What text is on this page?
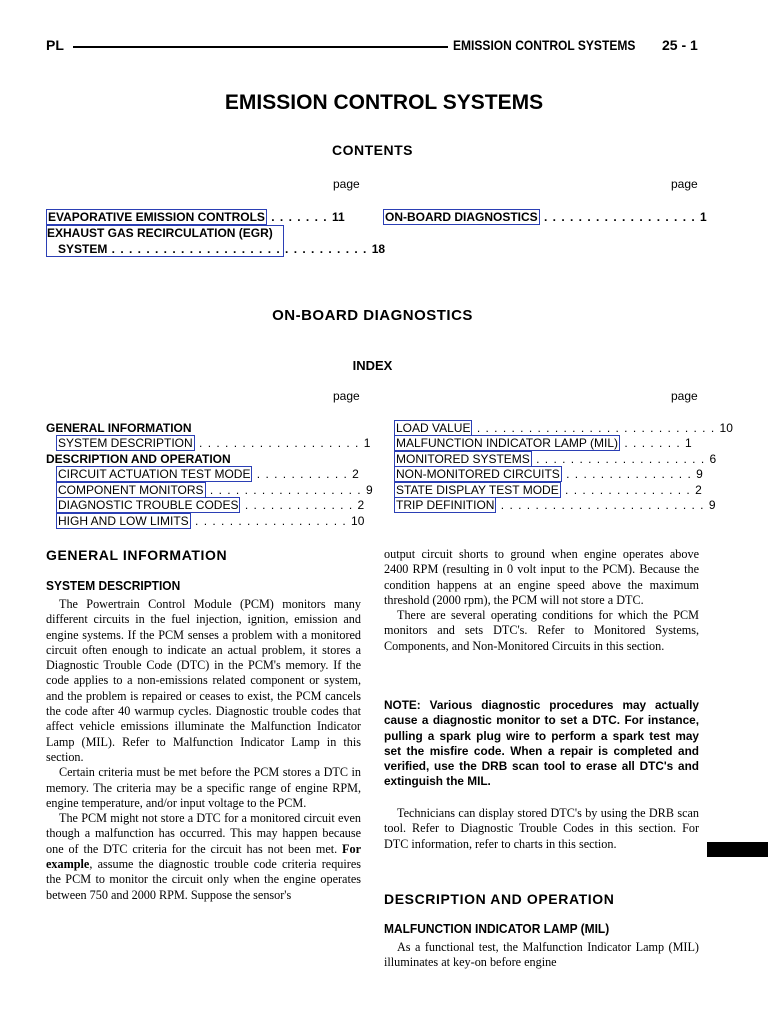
PL	EMISSION CONTROL SYSTEMS 25 - 1
EMISSION CONTROL SYSTEMS
CONTENTS
page	page
EVAPORATIVE EMISSION CONTROLS . . . . . . . 11
EXHAUST GAS RECIRCULATION (EGR)
SYSTEM . . . . . . . . . . . . . . . . . . . . . . . . . . . . . . 18
ON-BOARD DIAGNOSTICS . . . . . . . . . . . . . . . . . . 1
ON-BOARD DIAGNOSTICS
INDEX
page	page
GENERAL INFORMATION
SYSTEM DESCRIPTION . . . . . . . . . . . . . . . . . . . 1
DESCRIPTION AND OPERATION
CIRCUIT ACTUATION TEST MODE . . . . . . . . . . . 2
COMPONENT MONITORS . . . . . . . . . . . . . . . . . . 9
DIAGNOSTIC TROUBLE CODES . . . . . . . . . . . . . 2
HIGH AND LOW LIMITS . . . . . . . . . . . . . . . . . . 10
LOAD VALUE . . . . . . . . . . . . . . . . . . . . . . . . . . . . 10
MALFUNCTION INDICATOR LAMP (MIL) . . . . . . . 1
MONITORED SYSTEMS . . . . . . . . . . . . . . . . . . . . 6
NON-MONITORED CIRCUITS . . . . . . . . . . . . . . . 9
STATE DISPLAY TEST MODE . . . . . . . . . . . . . . . 2
TRIP DEFINITION . . . . . . . . . . . . . . . . . . . . . . . . 9
GENERAL INFORMATION
SYSTEM DESCRIPTION

The Powertrain Control Module (PCM) monitors many different circuits in the fuel injection, ignition, emission and engine systems. If the PCM senses a problem with a monitored circuit often enough to indicate an actual problem, it stores a Diagnostic Trouble Code (DTC) in the PCM's memory. If the code applies to a non-emissions related component or system, and the problem is repaired or ceases to exist, the PCM cancels the code after 40 warmup cycles. Diagnostic trouble codes that affect vehicle emissions illuminate the Malfunction Indicator Lamp (MIL). Refer to Malfunction Indicator Lamp in this section.

Certain criteria must be met before the PCM stores a DTC in memory. The criteria may be a specific range of engine RPM, engine temperature, and/or input voltage to the PCM.

The PCM might not store a DTC for a monitored circuit even though a malfunction has occurred. This may happen because one of the DTC criteria for the circuit has not been met. For example, assume the diagnostic trouble code criteria requires the PCM to monitor the circuit only when the engine operates between 750 and 2000 RPM. Suppose the sensor's

output circuit shorts to ground when engine operates above 2400 RPM (resulting in 0 volt input to the PCM). Because the condition happens at an engine speed above the maximum threshold (2000 rpm), the PCM will not store a DTC.

There are several operating conditions for which the PCM monitors and sets DTC's. Refer to Monitored Systems, Components, and Non-Monitored Circuits in this section.

NOTE: Various diagnostic procedures may actually cause a diagnostic monitor to set a DTC. For instance, pulling a spark plug wire to perform a spark test may set the misfire code. When a repair is completed and verified, use the DRB scan tool to erase all DTC's and extinguish the MIL.

Technicians can display stored DTC's by using the DRB scan tool. Refer to Diagnostic Trouble Codes in this section. For DTC information, refer to charts in this section.

DESCRIPTION AND OPERATION
MALFUNCTION INDICATOR LAMP (MIL)

As a functional test, the Malfunction Indicator Lamp (MIL) illuminates at key-on before engine
